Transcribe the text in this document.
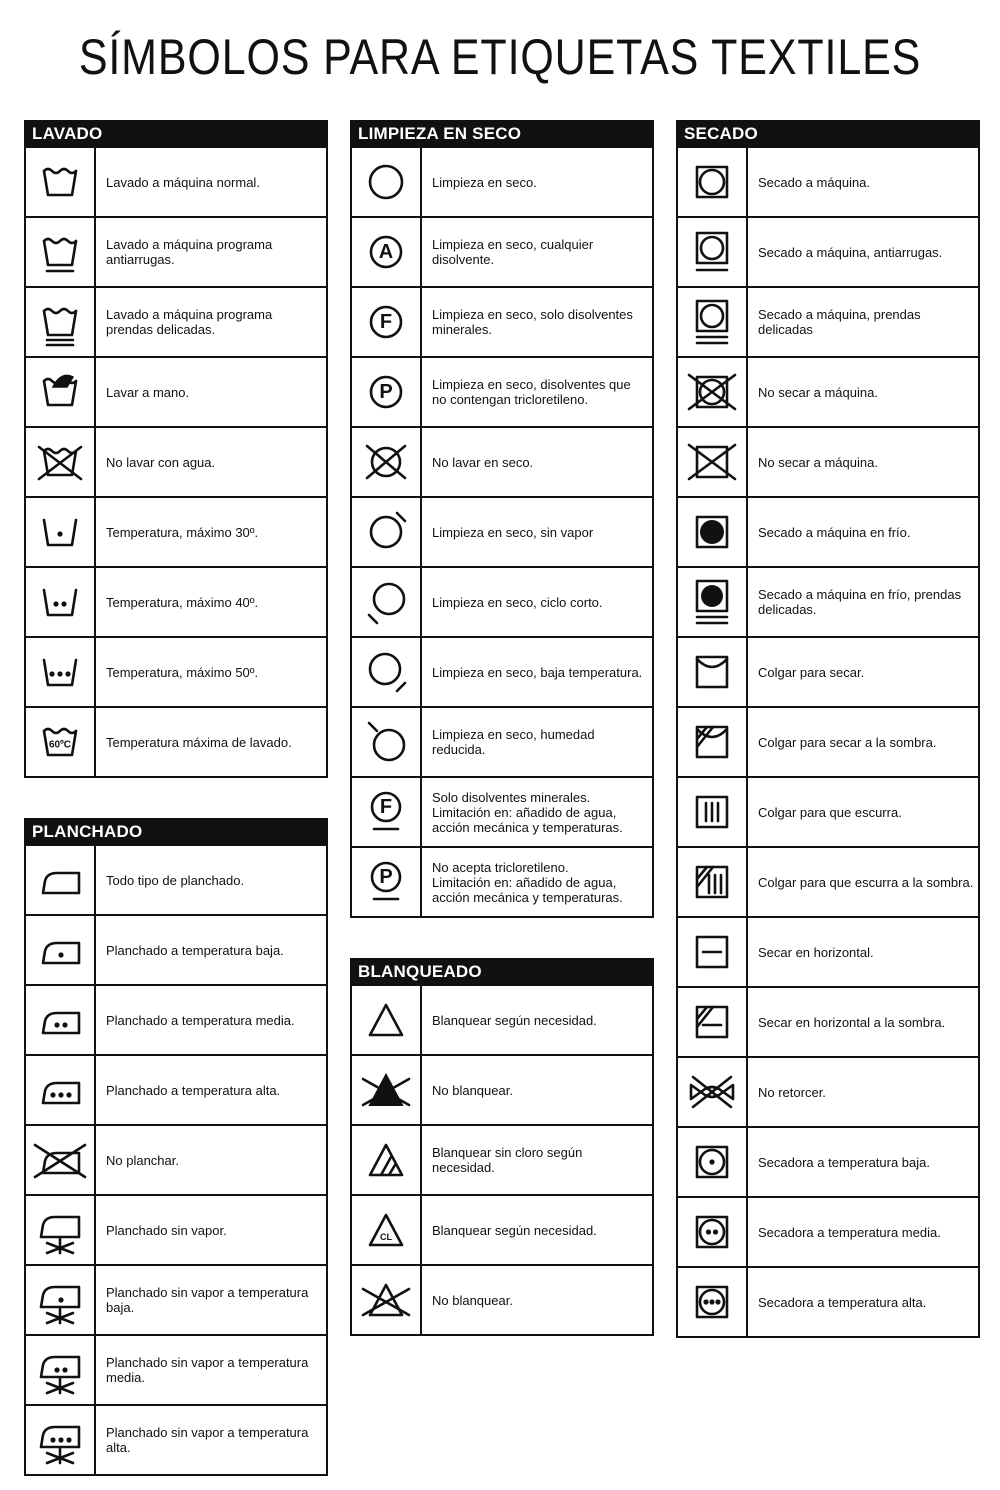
SÍMBOLOS PARA ETIQUETAS TEXTILES
LAVADO
Lavado a máquina normal.
Lavado a máquina programa
antiarrugas.
Lavado a máquina programa
prendas delicadas.
Lavar a mano.
No lavar con agua.
Temperatura, máximo 30º.
Temperatura, máximo 40º.
Temperatura, máximo 50º.
60ºC	Temperatura máxima de lavado.
PLANCHADO
Todo tipo de planchado.
Planchado a temperatura baja.
Planchado a temperatura media.
Planchado a temperatura alta.
No planchar.
Planchado sin vapor.
Planchado sin vapor a temperatura
baja.
Planchado sin vapor a temperatura
media.
Planchado sin vapor a temperatura
alta.
LIMPIEZA EN SECO
Limpieza en seco.
A	Limpieza en seco, cualquier
disolvente.
F	Limpieza en seco, solo disolventes
minerales.
P	Limpieza en seco, disolventes que
no contengan tricloretileno.
No lavar en seco.
Limpieza en seco, sin vapor
Limpieza en seco, ciclo corto.
Limpieza en seco, baja temperatura.
Limpieza en seco, humedad reducida.
F	Solo disolventes minerales.
Limitación en: añadido de agua,
acción mecánica y temperaturas.
P	No acepta tricloretileno.
Limitación en: añadido de agua,
acción mecánica y temperaturas.
BLANQUEADO
Blanquear según necesidad.
No blanquear.
Blanquear sin cloro según necesidad.
CL	Blanquear según necesidad.
No blanquear.
SECADO
Secado a máquina.
Secado a máquina, antiarrugas.
Secado a máquina, prendas delicadas
No secar a máquina.
No secar a máquina.
Secado a máquina en frío.
Secado a máquina en frío, prendas
delicadas.
Colgar para secar.
Colgar para secar a la sombra.
Colgar para que escurra.
Colgar para que escurra a la sombra.
Secar en horizontal.
Secar en horizontal a la sombra.
No retorcer.
Secadora a temperatura baja.
Secadora a temperatura media.
Secadora a temperatura alta.
